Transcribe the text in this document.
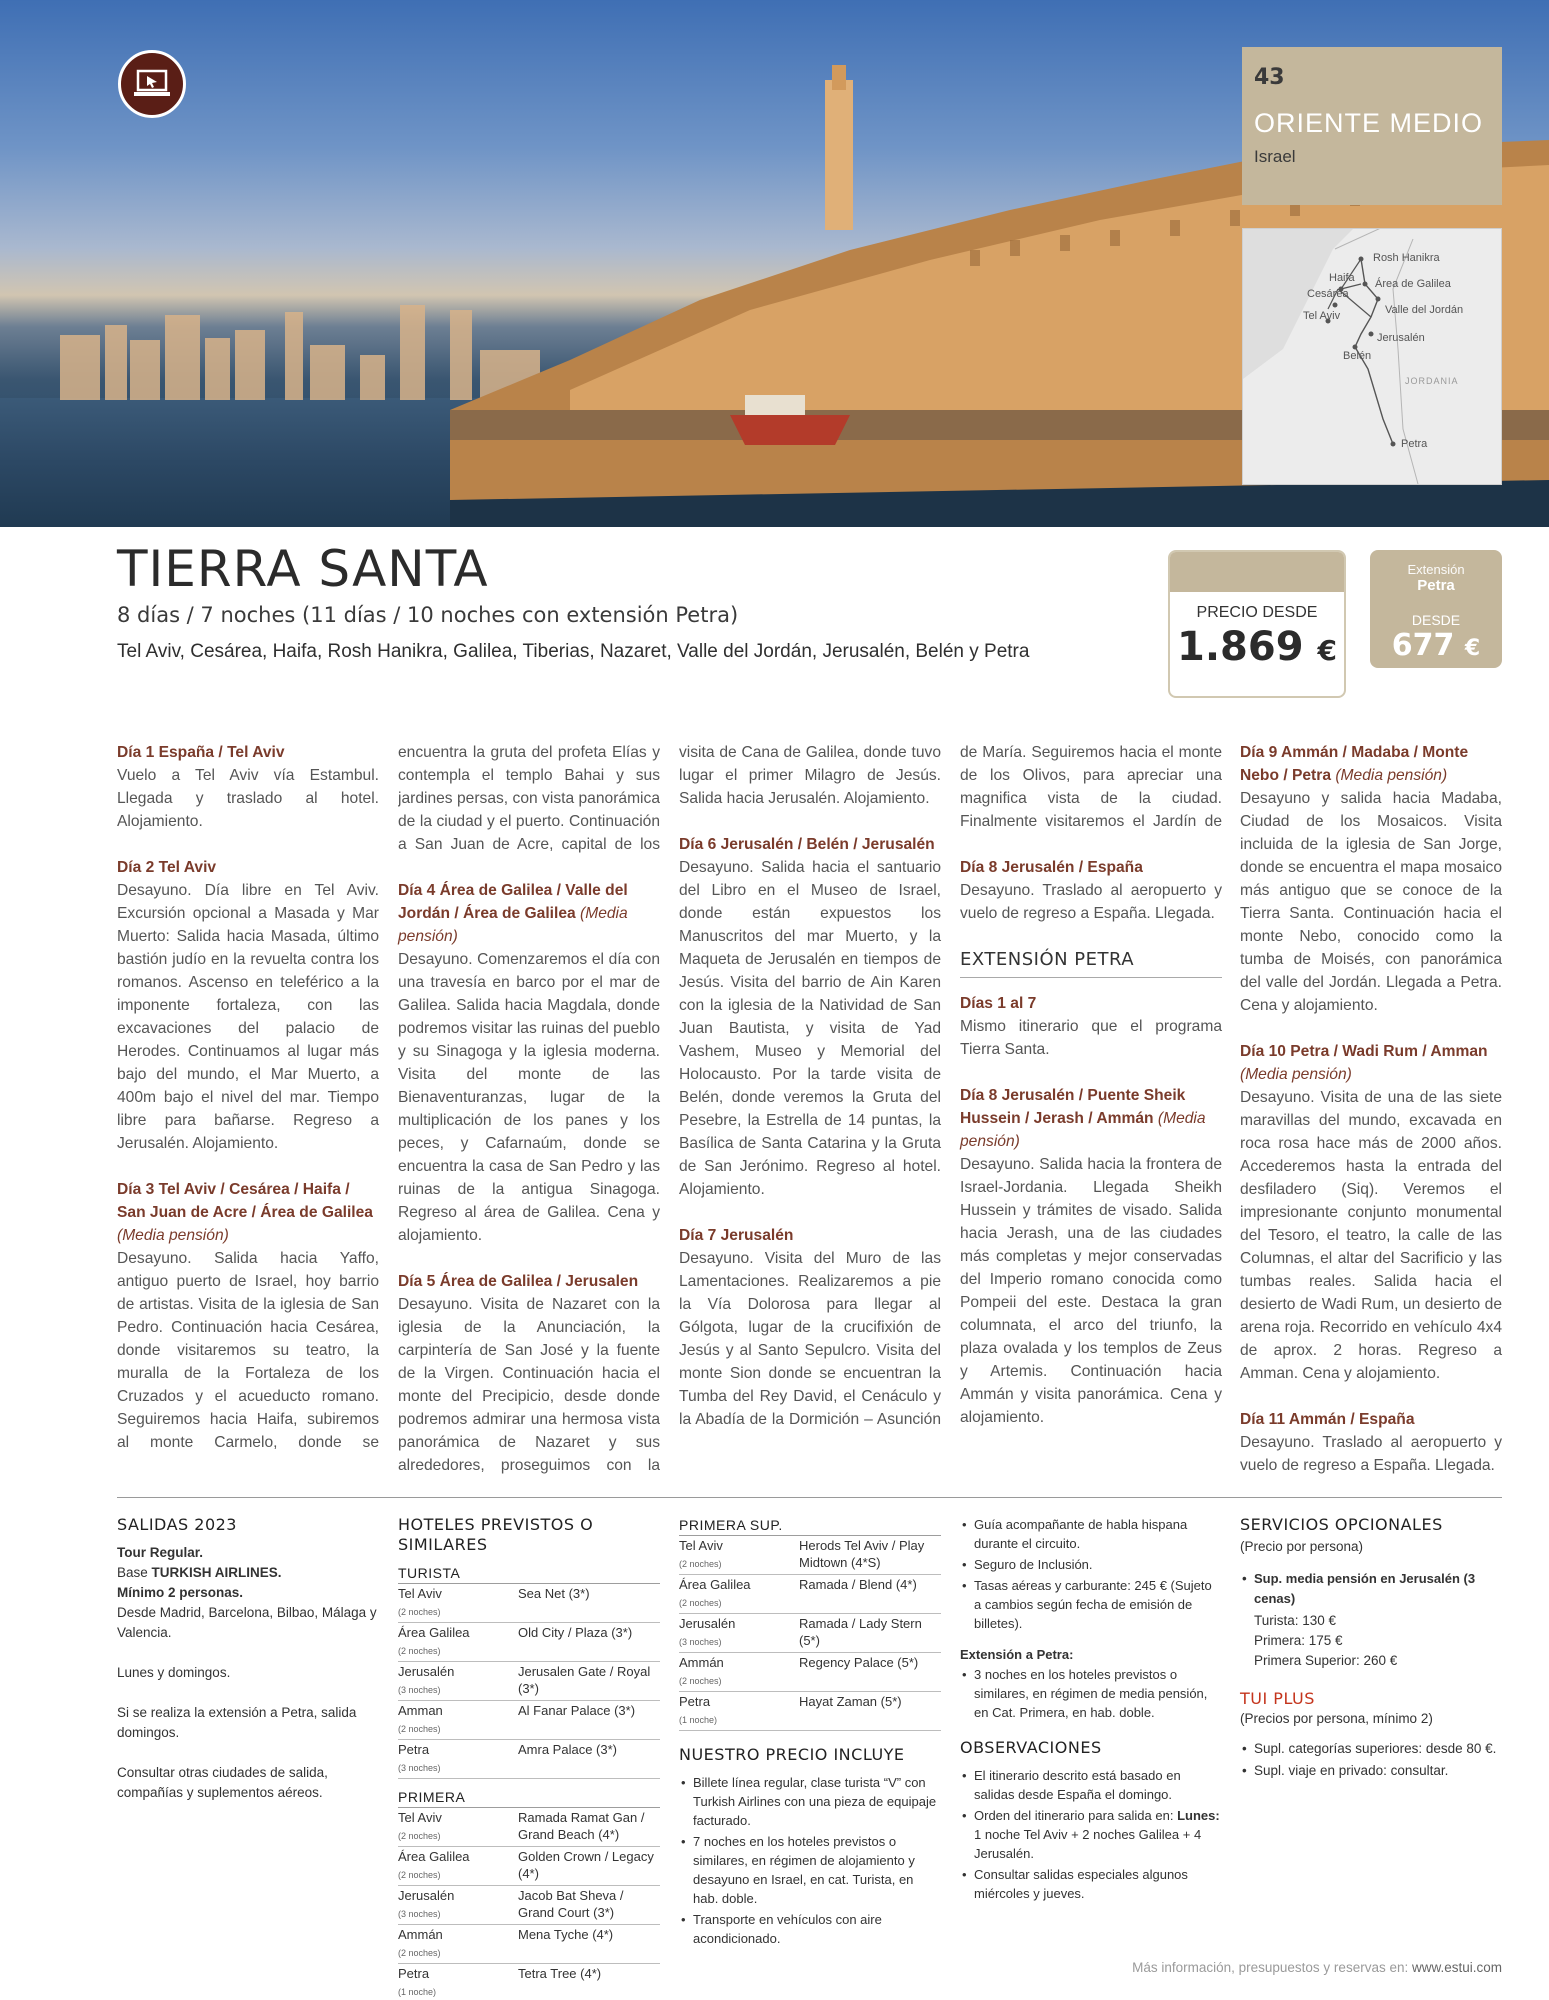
43
ORIENTE MEDIO
Israel
Rosh Hanikra
Haifa Área de Galilea
Cesárea
Valle del Jordán
Tel Aviv
Jerusalén
Belén
JORDANIA
Petra
TIERRA SANTA
8 días / 7 noches (11 días / 10 noches con extensión Petra)
Tel Aviv, Cesárea, Haifa, Rosh Hanikra, Galilea, Tiberias, Nazaret, Valle del Jordán, Jerusalén, Belén y Petra
PRECIO DESDE
1.869 €
Extensión
Petra
DESDE
677 €
Día 1 España / Tel Aviv
Vuelo a Tel Aviv vía Estambul. Llegada y traslado al hotel. Alojamiento.
Día 2 Tel Aviv
Desayuno. Día libre en Tel Aviv. Excursión opcional a Masada y Mar Muerto: Salida hacia Masada, último bastión judío en la revuelta contra los romanos. Ascenso en teleférico a la imponente fortaleza, con las excavaciones del palacio de Herodes. Continuamos al lugar más bajo del mundo, el Mar Muerto, a 400m bajo el nivel del mar. Tiempo libre para bañarse. Regreso a Jerusalén. Alojamiento.
Día 3 Tel Aviv / Cesárea / Haifa / San Juan de Acre / Área de Galilea (Media pensión)
Desayuno. Salida hacia Yaffo, antiguo puerto de Israel, hoy barrio de artistas. Visita de la iglesia de San Pedro. Continuación hacia Cesárea, donde visitaremos su teatro, la muralla de la Fortaleza de los Cruzados y el acueducto romano. Seguiremos hacia Haifa, subiremos al monte Carmelo, donde se
encuentra la gruta del profeta Elías y contempla el templo Bahai y sus jardines persas, con vista panorámica de la ciudad y el puerto. Continuación a San Juan de Acre, capital de los
Día 4 Área de Galilea / Valle del Jordán / Área de Galilea (Media pensión)
Desayuno. Comenzaremos el día con una travesía en barco por el mar de Galilea. Salida hacia Magdala, donde podremos visitar las ruinas del pueblo y su Sinagoga y la iglesia moderna. Visita del monte de las Bienaventuranzas, lugar de la multiplicación de los panes y los peces, y Cafarnaúm, donde se encuentra la casa de San Pedro y las ruinas de la antigua Sinagoga. Regreso al área de Galilea. Cena y alojamiento.
Día 5 Área de Galilea / Jerusalen
Desayuno. Visita de Nazaret con la iglesia de la Anunciación, la carpintería de San José y la fuente de la Virgen. Continuación hacia el monte del Precipicio, desde donde podremos admirar una hermosa vista panorámica de Nazaret y sus alrededores, proseguimos con la
visita de Cana de Galilea, donde tuvo lugar el primer Milagro de Jesús. Salida hacia Jerusalén. Alojamiento.
Día 6 Jerusalén / Belén / Jerusalén
Desayuno. Salida hacia el santuario del Libro en el Museo de Israel, donde están expuestos los Manuscritos del mar Muerto, y la Maqueta de Jerusalén en tiempos de Jesús. Visita del barrio de Ain Karen con la iglesia de la Natividad de San Juan Bautista, y visita de Yad Vashem, Museo y Memorial del Holocausto. Por la tarde visita de Belén, donde veremos la Gruta del Pesebre, la Estrella de 14 puntas, la Basílica de Santa Catarina y la Gruta de San Jerónimo. Regreso al hotel. Alojamiento.
Día 7 Jerusalén
Desayuno. Visita del Muro de las Lamentaciones. Realizaremos a pie la Vía Dolorosa para llegar al Gólgota, lugar de la crucifixión de Jesús y al Santo Sepulcro. Visita del monte Sion donde se encuentran la Tumba del Rey David, el Cenáculo y la Abadía de la Dormición – Asunción
de María. Seguiremos hacia el monte de los Olivos, para apreciar una magnifica vista de la ciudad. Finalmente visitaremos el Jardín de
Día 8 Jerusalén / España
Desayuno. Traslado al aeropuerto y vuelo de regreso a España. Llegada.
EXTENSIÓN PETRA
Días 1 al 7
Mismo itinerario que el programa Tierra Santa.
Día 8 Jerusalén / Puente Sheik Hussein / Jerash / Ammán (Media pensión)
Desayuno. Salida hacia la frontera de Israel-Jordania. Llegada Sheikh Hussein y trámites de visado. Salida hacia Jerash, una de las ciudades más completas y mejor conservadas del Imperio romano conocida como Pompeii del este. Destaca la gran columnata, el arco del triunfo, la plaza ovalada y los templos de Zeus y Artemis. Continuación hacia Ammán y visita panorámica. Cena y alojamiento.
Día 9 Ammán / Madaba / Monte Nebo / Petra (Media pensión)
Desayuno y salida hacia Madaba, Ciudad de los Mosaicos. Visita incluida de la iglesia de San Jorge, donde se encuentra el mapa mosaico más antiguo que se conoce de la Tierra Santa. Continuación hacia el monte Nebo, conocido como la tumba de Moisés, con panorámica del valle del Jordán. Llegada a Petra. Cena y alojamiento.
Día 10 Petra / Wadi Rum / Amman (Media pensión)
Desayuno. Visita de una de las siete maravillas del mundo, excavada en roca rosa hace más de 2000 años. Accederemos hasta la entrada del desfiladero (Siq). Veremos el impresionante conjunto monumental del Tesoro, el teatro, la calle de las Columnas, el altar del Sacrificio y las tumbas reales. Salida hacia el desierto de Wadi Rum, un desierto de arena roja. Recorrido en vehículo 4x4 de aprox. 2 horas. Regreso a Amman. Cena y alojamiento.
Día 11 Ammán / España
Desayuno. Traslado al aeropuerto y vuelo de regreso a España. Llegada.
SALIDAS 2023
Tour Regular.
Base TURKISH AIRLINES.
Mínimo 2 personas.
Desde Madrid, Barcelona, Bilbao, Málaga y Valencia.
Lunes y domingos.
Si se realiza la extensión a Petra, salida domingos.
Consultar otras ciudades de salida, compañías y suplementos aéreos.
HOTELES PREVISTOS O SIMILARES
TURISTA
Tel Aviv
(2 noches)	Sea Net (3*)

Área Galilea
(2 noches)	Old City / Plaza (3*)

Jerusalén
(3 noches)	Jerusalen Gate / Royal (3*)

Amman
(2 noches)	Al Fanar Palace (3*)

Petra
(3 noches)	Amra Palace (3*)
PRIMERA
Tel Aviv
(2 noches)	Ramada Ramat Gan / Grand Beach (4*)

Área Galilea
(2 noches)	Golden Crown / Legacy (4*)

Jerusalén
(3 noches)	Jacob Bat Sheva / Grand Court (3*)

Ammán
(2 noches)	Mena Tyche (4*)

Petra
(1 noche)	Tetra Tree (4*)
PRIMERA SUP.
Tel Aviv
(2 noches)	Herods Tel Aviv / Play Midtown (4*S)

Área Galilea
(2 noches)	Ramada / Blend (4*)

Jerusalén
(3 noches)	Ramada / Lady Stern (5*)

Ammán
(2 noches)	Regency Palace (5*)

Petra
(1 noche)	Hayat Zaman (5*)
NUESTRO PRECIO INCLUYE
• Billete línea regular, clase turista “V” con Turkish Airlines con una pieza de equipaje facturado.
• 7 noches en los hoteles previstos o similares, en régimen de alojamiento y desayuno en Israel, en cat. Turista, en hab. doble.
• Transporte en vehículos con aire acondicionado.
• Guía acompañante de habla hispana durante el circuito.
• Seguro de Inclusión.
• Tasas aéreas y carburante: 245 € (Sujeto a cambios según fecha de emisión de billetes).
Extensión a Petra:
• 3 noches en los hoteles previstos o similares, en régimen de media pensión, en Cat. Primera, en hab. doble.
OBSERVACIONES
• El itinerario descrito está basado en salidas desde España el domingo.
• Orden del itinerario para salida en: Lunes: 1 noche Tel Aviv + 2 noches Galilea + 4 Jerusalén.
• Consultar salidas especiales algunos miércoles y jueves.
SERVICIOS OPCIONALES
(Precio por persona)
• Sup. media pensión en Jerusalén (3 cenas)
Turista: 130 €
Primera: 175 €
Primera Superior: 260 €
TUI PLUS
(Precios por persona, mínimo 2)
• Supl. categorías superiores: desde 80 €.
• Supl. viaje en privado: consultar.
Más información, presupuestos y reservas en: www.estui.com
